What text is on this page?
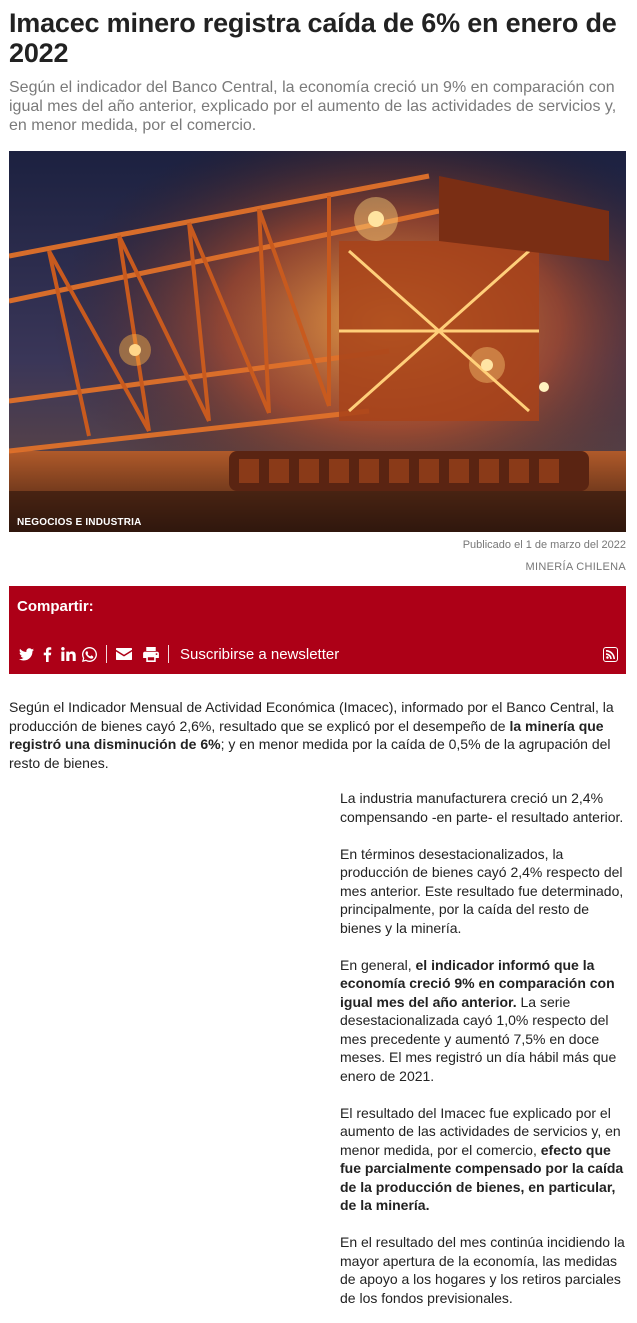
Imacec minero registra caída de 6% en enero de 2022

Según el indicador del Banco Central, la economía creció un 9% en comparación con igual mes del año anterior, explicado por el aumento de las actividades de servicios y, en menor medida, por el comercio.

NEGOCIOS E INDUSTRIA
Publicado el 1 de marzo del 2022
MINERÍA CHILENA
Compartir:
Suscribirse a newsletter
Según el Indicador Mensual de Actividad Económica (Imacec), informado por el Banco Central, la producción de bienes cayó 2,6%, resultado que se explicó por el desempeño de la minería que registró una disminución de 6%; y en menor medida por la caída de 0,5% de la agrupación del resto de bienes.

La industria manufacturera creció un 2,4% compensando -en parte- el resultado anterior.

En términos desestacionalizados, la producción de bienes cayó 2,4% respecto del mes anterior. Este resultado fue determinado, principalmente, por la caída del resto de bienes y la minería.

En general, el indicador informó que la economía creció 9% en comparación con igual mes del año anterior. La serie desestacionalizada cayó 1,0% respecto del mes precedente y aumentó 7,5% en doce meses. El mes registró un día hábil más que enero de 2021.

El resultado del Imacec fue explicado por el aumento de las actividades de servicios y, en menor medida, por el comercio, efecto que fue parcialmente compensado por la caída de la producción de bienes, en particular, de la minería.

En el resultado del mes continúa incidiendo la mayor apertura de la economía, las medidas de apoyo a los hogares y los retiros parciales de los fondos previsionales.
